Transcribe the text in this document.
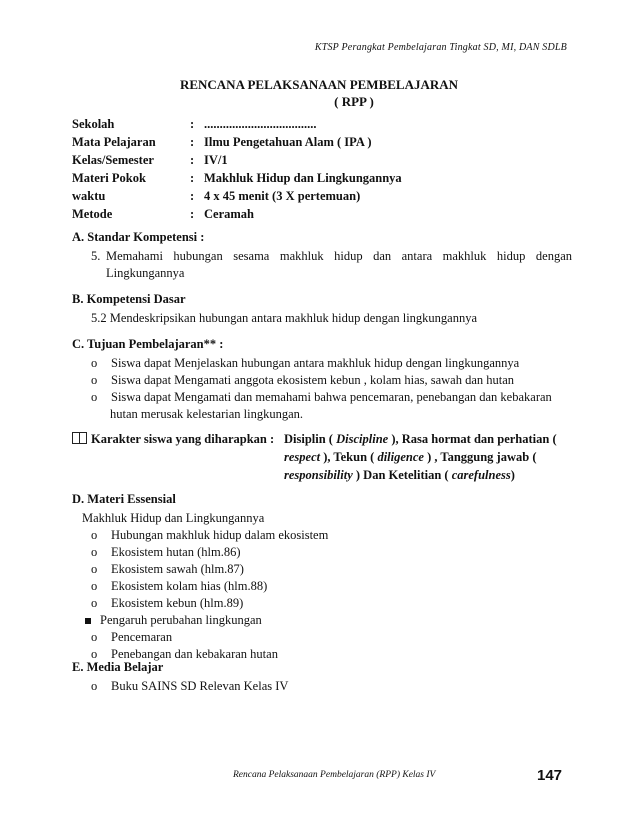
KTSP Perangkat Pembelajaran Tingkat SD, MI, DAN SDLB
RENCANA PELAKSANAAN PEMBELAJARAN
( RPP )
Sekolah	: ....................................
Mata Pelajaran	: Ilmu Pengetahuan Alam ( IPA )
Kelas/Semester	: IV/1
Materi Pokok	: Makhluk Hidup dan Lingkungannya
waktu	: 4 x 45 menit (3 X pertemuan)
Metode	: Ceramah
A. Standar Kompetensi :
5. Memahami hubungan sesama makhluk hidup dan antara makhluk hidup dengan
Lingkungannya
B. Kompetensi Dasar
5.2 Mendeskripsikan hubungan antara makhluk hidup dengan lingkungannya
C. Tujuan Pembelajaran** :
o	Siswa dapat Menjelaskan hubungan antara makhluk hidup dengan lingkungannya
o	Siswa dapat Mengamati anggota ekosistem kebun , kolam hias, sawah dan hutan
o	Siswa dapat Mengamati dan memahami bahwa pencemaran, penebangan dan kebakaran
hutan merusak kelestarian lingkungan.
Karakter siswa yang diharapkan : Disiplin ( Discipline ), Rasa hormat dan perhatian (
respect ), Tekun ( diligence ) , Tanggung jawab (
responsibility ) Dan Ketelitian ( carefulness)
D. Materi Essensial
Makhluk Hidup dan Lingkungannya
o	Hubungan makhluk hidup dalam ekosistem
o	Ekosistem hutan (hlm.86)
o	Ekosistem sawah (hlm.87)
o	Ekosistem kolam hias (hlm.88)
o	Ekosistem kebun (hlm.89)
Pengaruh perubahan lingkungan
o	Pencemaran
o	Penebangan dan kebakaran hutan
E. Media Belajar
o	Buku SAINS SD Relevan Kelas IV
Rencana Pelaksanaan Pembelajaran (RPP) Kelas IV	147
